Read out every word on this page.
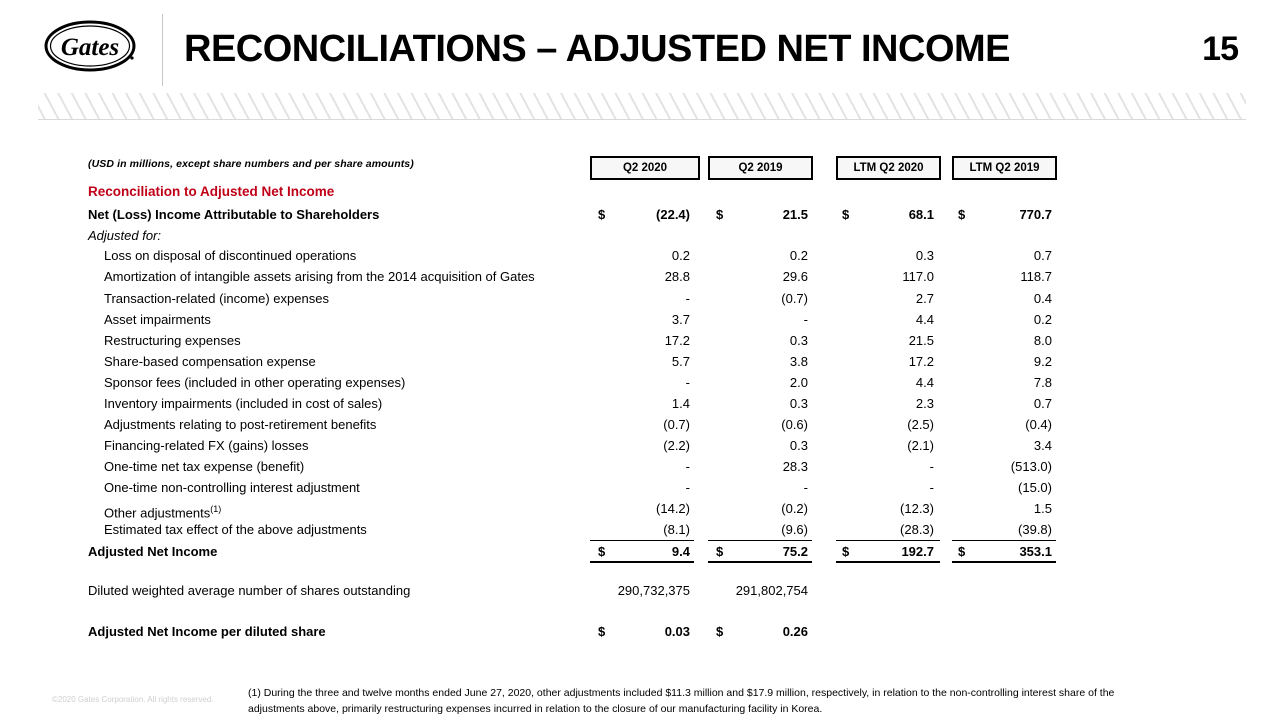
Gates RECONCILIATIONS – ADJUSTED NET INCOME	15
(USD in millions, except share numbers and per share amounts)	Q2 2020	Q2 2019	LTM Q2 2020	LTM Q2 2019
Reconciliation to Adjusted Net Income
Net (Loss) Income Attributable to Shareholders	$	(22.4) $	21.5	$	68.1 $	770.7
Adjusted for:
Loss on disposal of discontinued operations	0.2	0.2	0.3	0.7
Amortization of intangible assets arising from the 2014 acquisition of Gates	28.8	29.6	117.0	118.7
Transaction-related (income) expenses	-	(0.7)	2.7	0.4
Asset impairments	3.7	-	4.4	0.2
Restructuring expenses	17.2	0.3	21.5	8.0
Share-based compensation expense	5.7	3.8	17.2	9.2
Sponsor fees (included in other operating expenses)	-	2.0	4.4	7.8
Inventory impairments (included in cost of sales)	1.4	0.3	2.3	0.7
Adjustments relating to post-retirement benefits	(0.7)	(0.6)	(2.5)	(0.4)
Financing-related FX (gains) losses	(2.2)	0.3	(2.1)	3.4
One-time net tax expense (benefit)	-	28.3	-	(513.0)
One-time non-controlling interest adjustment	-	-	-	(15.0)
Other adjustments$^{(1)}$	(14.2)	(0.2)	(12.3)	1.5
Estimated tax effect of the above adjustments	(8.1)	(9.6)	(28.3)	(39.8)
Adjusted Net Income	$	9.4 $	75.2	$	192.7 $	353.1
Diluted weighted average number of shares outstanding	290,732,375	291,802,754
Adjusted Net Income per diluted share	$	0.03 $	0.26
©2020 Gates Corporation. All rights reserved.
(1) During the three and twelve months ended June 27, 2020, other adjustments included $11.3 million and $17.9 million, respectively, in relation to the non-controlling interest share of the adjustments above, primarily restructuring expenses incurred in relation to the closure of our manufacturing facility in Korea.
